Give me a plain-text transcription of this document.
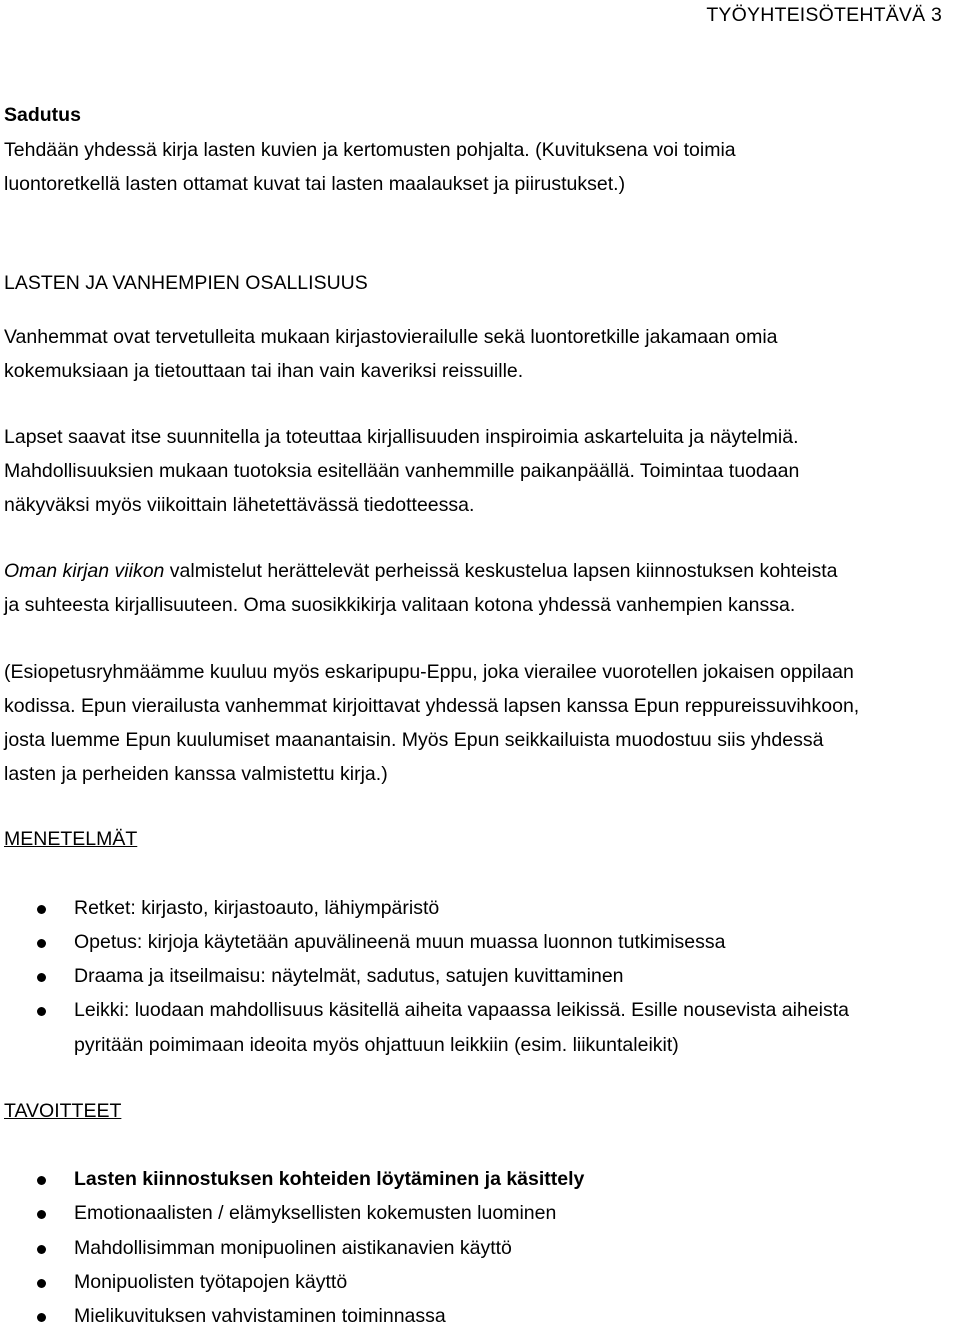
TYÖYHTEISÖTEHTÄVÄ 3
Sadutus
Tehdään yhdessä kirja lasten kuvien ja kertomusten pohjalta. (Kuvituksena voi toimia
luontoretkellä lasten ottamat kuvat tai lasten maalaukset ja piirustukset.)
LASTEN JA VANHEMPIEN OSALLISUUS
Vanhemmat ovat tervetulleita mukaan kirjastovierailulle sekä luontoretkille jakamaan omia
kokemuksiaan ja tietouttaan tai ihan vain kaveriksi reissuille.
Lapset saavat itse suunnitella ja toteuttaa kirjallisuuden inspiroimia askarteluita ja näytelmiä.
Mahdollisuuksien mukaan tuotoksia esitellään vanhemmille paikanpäällä. Toimintaa tuodaan
näkyväksi myös viikoittain lähetettävässä tiedotteessa.
Oman kirjan viikon valmistelut herättelevät perheissä keskustelua lapsen kiinnostuksen kohteista
ja suhteesta kirjallisuuteen. Oma suosikkikirja valitaan kotona yhdessä vanhempien kanssa.
(Esiopetusryhmäämme kuuluu myös eskaripupu-Eppu, joka vierailee vuorotellen jokaisen oppilaan
kodissa. Epun vierailusta vanhemmat kirjoittavat yhdessä lapsen kanssa Epun reppureissuvihkoon,
josta luemme Epun kuulumiset maanantaisin. Myös Epun seikkailuista muodostuu siis yhdessä
lasten ja perheiden kanssa valmistettu kirja.)
MENETELMÄT
Retket: kirjasto, kirjastoauto, lähiympäristö
Opetus: kirjoja käytetään apuvälineenä muun muassa luonnon tutkimisessa
Draama ja itseilmaisu: näytelmät, sadutus, satujen kuvittaminen
Leikki: luodaan mahdollisuus käsitellä aiheita vapaassa leikissä. Esille nousevista aiheista
pyritään poimimaan ideoita myös ohjattuun leikkiin (esim. liikuntaleikit)
TAVOITTEET
Lasten kiinnostuksen kohteiden löytäminen ja käsittely
Emotionaalisten / elämyksellisten kokemusten luominen
Mahdollisimman monipuolinen aistikanavien käyttö
Monipuolisten työtapojen käyttö
Mielikuvituksen vahvistaminen toiminnassa
